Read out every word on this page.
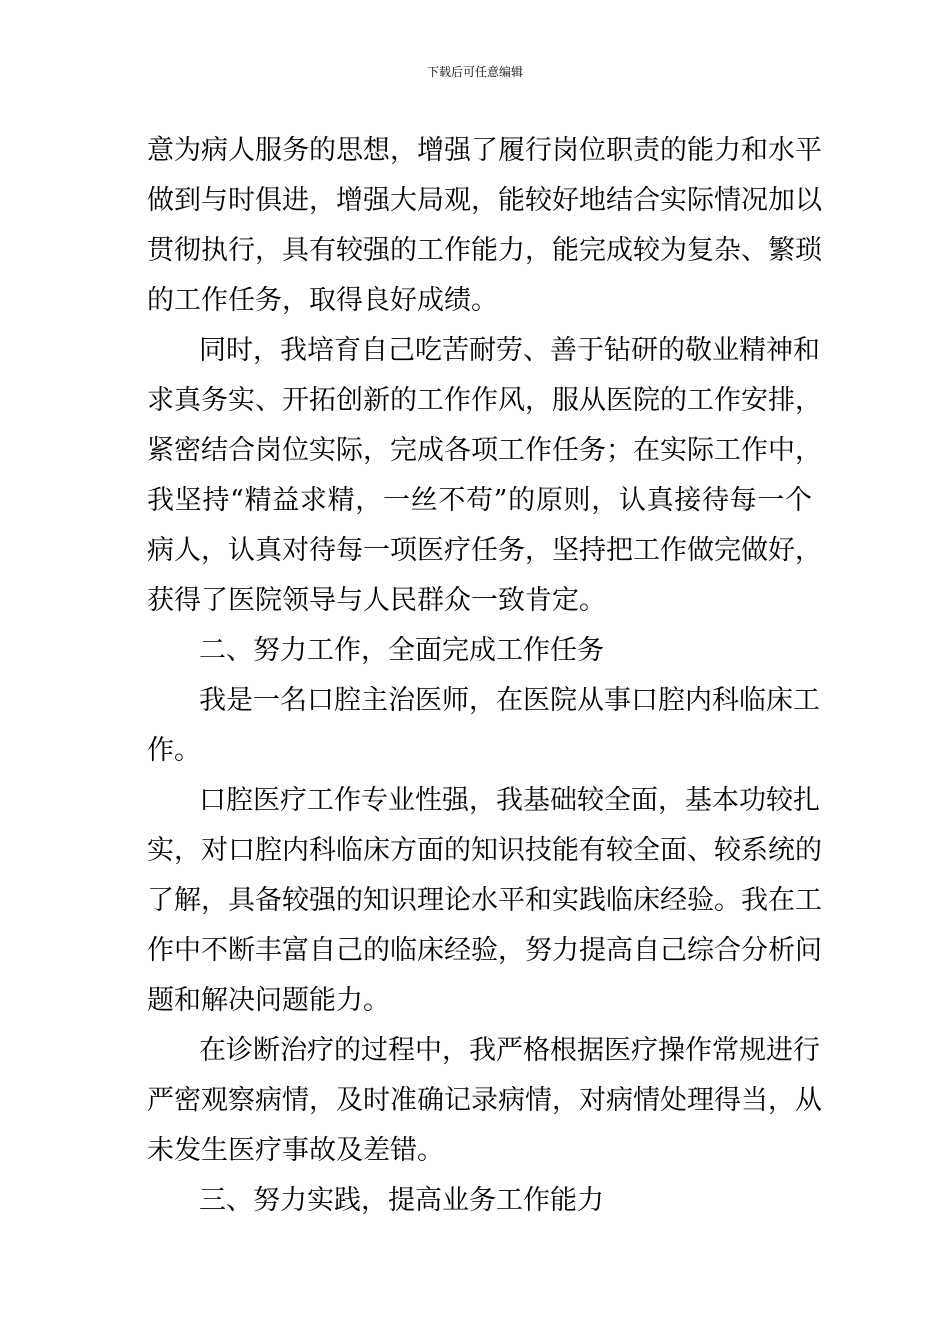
下载后可任意编辑
意为病人服务的思想，增强了履行岗位职责的能力和水平
做到与时俱进，增强大局观，能较好地结合实际情况加以
贯彻执行，具有较强的工作能力，能完成较为复杂、繁琐
的工作任务，取得良好成绩。
同时，我培育自己吃苦耐劳、善于钻研的敬业精神和
求真务实、开拓创新的工作作风，服从医院的工作安排，
紧密结合岗位实际，完成各项工作任务；在实际工作中，
我坚持“精益求精，一丝不苟”的原则，认真接待每一个
病人，认真对待每一项医疗任务，坚持把工作做完做好，
获得了医院领导与人民群众一致肯定。
二、努力工作，全面完成工作任务
我是一名口腔主治医师，在医院从事口腔内科临床工
作。
口腔医疗工作专业性强，我基础较全面，基本功较扎
实，对口腔内科临床方面的知识技能有较全面、较系统的
了解，具备较强的知识理论水平和实践临床经验。我在工
作中不断丰富自己的临床经验，努力提高自己综合分析问
题和解决问题能力。
在诊断治疗的过程中，我严格根据医疗操作常规进行
严密观察病情，及时准确记录病情，对病情处理得当，从
未发生医疗事故及差错。
三、努力实践，提高业务工作能力
